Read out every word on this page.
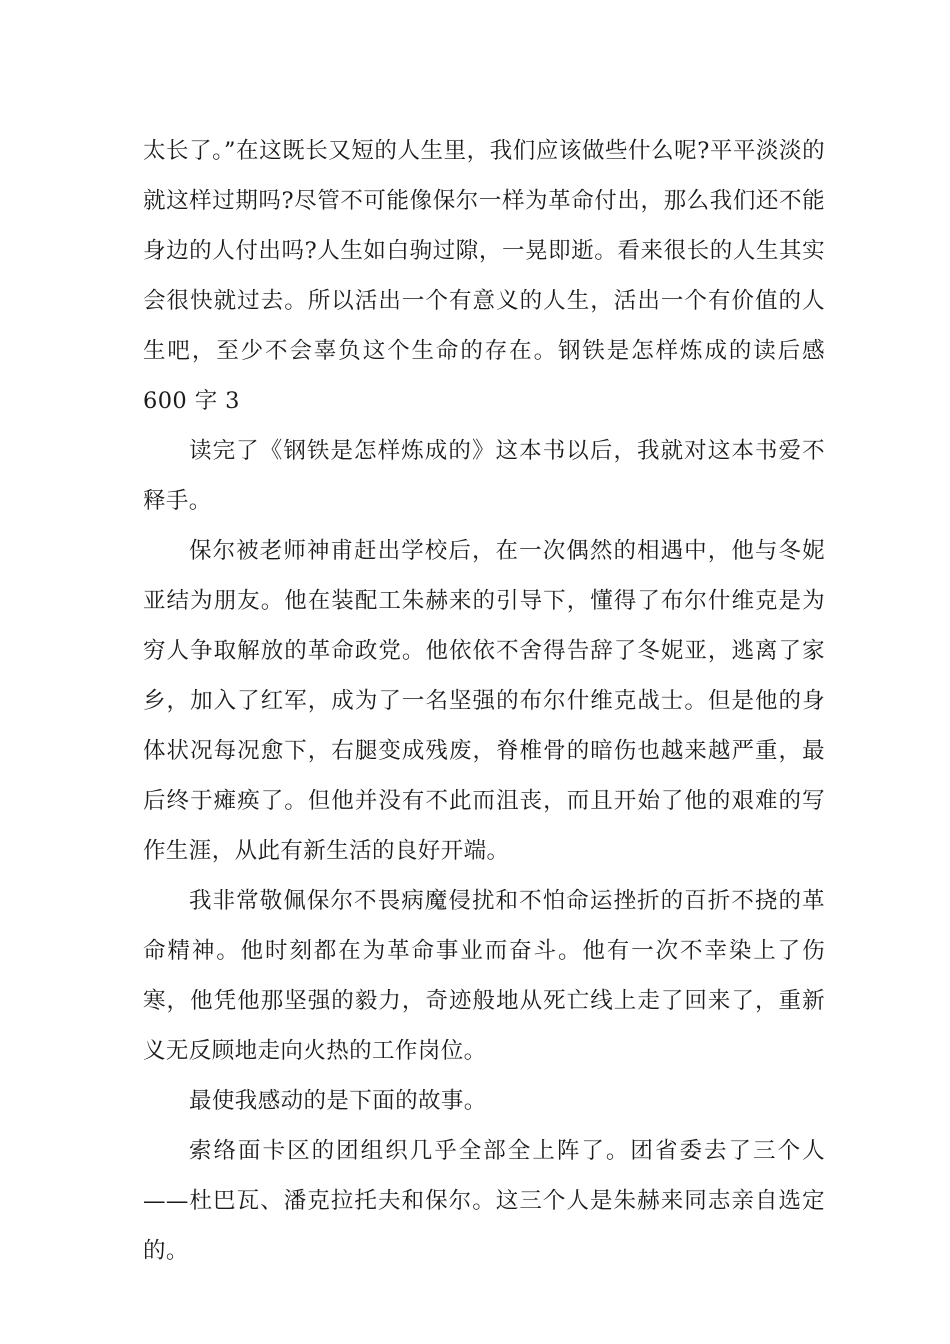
太长了。”在这既长又短的人生里，我们应该做些什么呢?平平淡淡的就这样过期吗?尽管不可能像保尔一样为革命付出，那么我们还不能身边的人付出吗?人生如白驹过隙，一晃即逝。看来很长的人生其实会很快就过去。所以活出一个有意义的人生，活出一个有价值的人生吧，至少不会辜负这个生命的存在。钢铁是怎样炼成的读后感 600 字 3

读完了《钢铁是怎样炼成的》这本书以后，我就对这本书爱不释手。

保尔被老师神甫赶出学校后，在一次偶然的相遇中，他与冬妮亚结为朋友。他在装配工朱赫来的引导下，懂得了布尔什维克是为穷人争取解放的革命政党。他依依不舍得告辞了冬妮亚，逃离了家乡，加入了红军，成为了一名坚强的布尔什维克战士。但是他的身体状况每况愈下，右腿变成残废，脊椎骨的暗伤也越来越严重，最后终于瘫痪了。但他并没有不此而沮丧，而且开始了他的艰难的写作生涯，从此有新生活的良好开端。

我非常敬佩保尔不畏病魔侵扰和不怕命运挫折的百折不挠的革命精神。他时刻都在为革命事业而奋斗。他有一次不幸染上了伤寒，他凭他那坚强的毅力，奇迹般地从死亡线上走了回来了，重新义无反顾地走向火热的工作岗位。

最使我感动的是下面的故事。

索络面卡区的团组织几乎全部全上阵了。团省委去了三个人——杜巴瓦、潘克拉托夫和保尔。这三个人是朱赫来同志亲自选定的。
